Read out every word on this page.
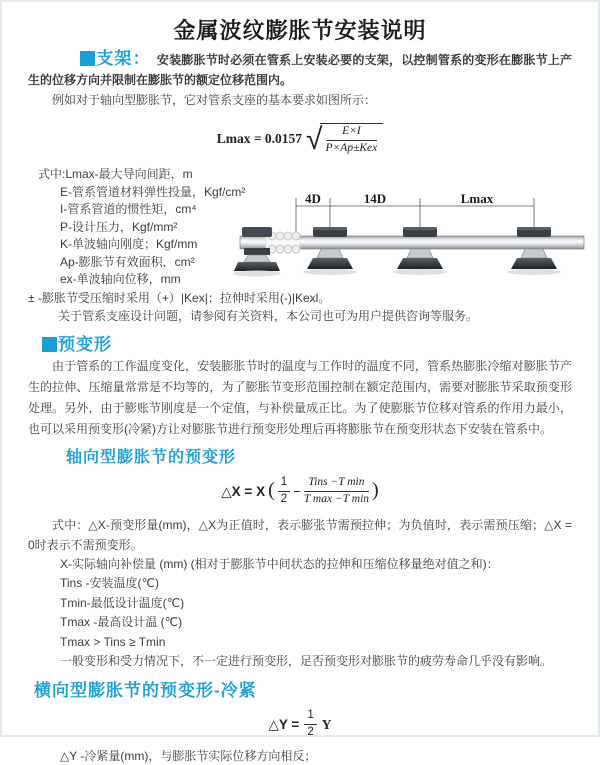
金属波纹膨胀节安装说明

支架： 安装膨胀节时必须在管系上安装必要的支架，以控制管系的变形在膨胀节上产生的位移方向并限制在膨胀节的额定位移范围内。

例如对于轴向型膨胀节，它对管系支座的基本要求如图所示：

Lmax = 0.0157 √ $\frac{E\times I}{\text{P×Ap±Kex}}$
式中:Lmax-最大导向间距，m
E-管系管道材料弹性投量，Kgf/cm²
I-管系管道的惯性矩，cm⁴
P-设计压力，Kgf/mm²
K-单波轴向刚度；Kgf/mm
Ap-膨胀节有效面积，cm²
ex-单波轴向位移，mm

± -膨胀节受压缩时采用（+）|Kex|；拉伸时采用(-)|Kexl。

关于管系支座设计问题，请参阅有关资料，本公司也可为用户提供咨询等服务。

4D	14D	Lmax

预变形

由于管系的工作温度变化，安装膨胀节时的温度与工作时的温度不同，管系热膨胀冷缩对膨胀节产生的拉伸、压缩量常常是不均等的，为了膨胀节变形范围控制在额定范围内，需要对膨胀节采取预变形处理。另外，由于膨账节刚度是一个定值，与补偿量成正比。为了使膨胀节位移对管系的作用力最小，也可以采用预变形(冷紧)方让对膨胀节进行预变形处理后再将膨胀节在预变形状态下安装在管系中。

轴向型膨胀节的预变形
△X = X ( $\frac{1}{2} - \frac{\text{Tins −T min}}{\text{T max −T min}}$ )

式中：△X-预变形量(mm)，△X为正值时，表示膨张节需预拉伸；为负值时，表示需预压缩；△X = 0时表示不需预变形。

X-实际轴向补偿量 (mm) (相对于膨胀节中间状态的拉伸和压缩位移量绝对值之和)：

Tins -安装温度(℃)

Tmin-最低设计温度(℃)

Tmax -最高设计温 (℃)

Tmax > Tins ≥ Tmin

一般变形和受力情况下，不一定进行预变形，足否预变形对膨胀节的疲劳寿命几乎没有影响。

横向型膨胀节的预变形-冷紧
△Y = $\frac{1}{2}$ Y

△Y -冷紧量(mm)，与膨胀节实际位移方向相反；
